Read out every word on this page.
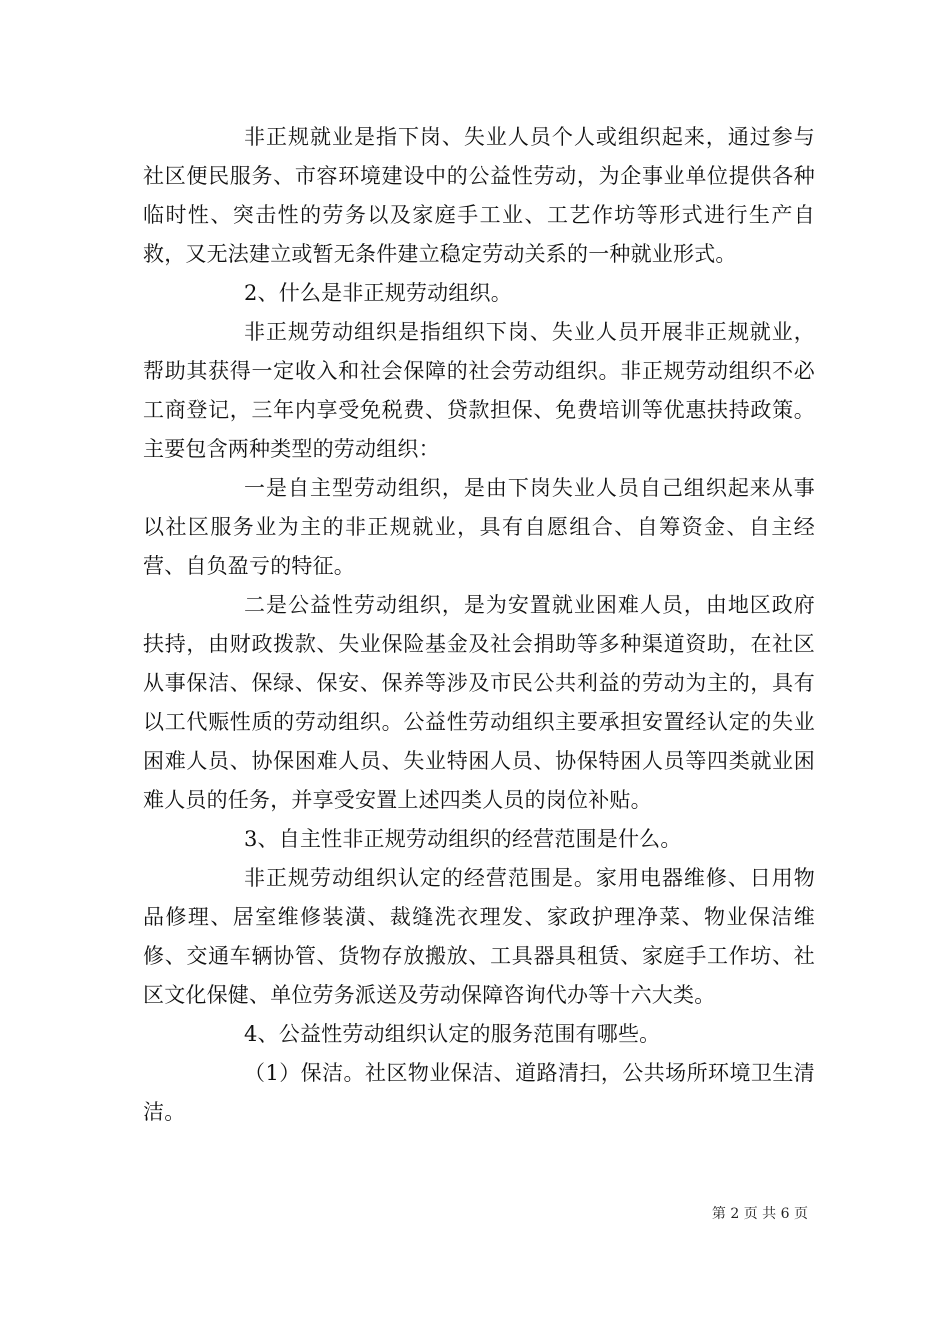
非正规就业是指下岗、失业人员个人或组织起来，通过参与社区便民服务、市容环境建设中的公益性劳动，为企事业单位提供各种临时性、突击性的劳务以及家庭手工业、工艺作坊等形式进行生产自救，又无法建立或暂无条件建立稳定劳动关系的一种就业形式。

2、什么是非正规劳动组织。

非正规劳动组织是指组织下岗、失业人员开展非正规就业，帮助其获得一定收入和社会保障的社会劳动组织。非正规劳动组织不必工商登记，三年内享受免税费、贷款担保、免费培训等优惠扶持政策。主要包含两种类型的劳动组织：

一是自主型劳动组织，是由下岗失业人员自己组织起来从事以社区服务业为主的非正规就业，具有自愿组合、自筹资金、自主经营、自负盈亏的特征。

二是公益性劳动组织，是为安置就业困难人员，由地区政府扶持，由财政拨款、失业保险基金及社会捐助等多种渠道资助，在社区从事保洁、保绿、保安、保养等涉及市民公共利益的劳动为主的，具有以工代赈性质的劳动组织。公益性劳动组织主要承担安置经认定的失业困难人员、协保困难人员、失业特困人员、协保特困人员等四类就业困难人员的任务，并享受安置上述四类人员的岗位补贴。

3、自主性非正规劳动组织的经营范围是什么。

非正规劳动组织认定的经营范围是。家用电器维修、日用物品修理、居室维修装潢、裁缝洗衣理发、家政护理净菜、物业保洁维修、交通车辆协管、货物存放搬放、工具器具租赁、家庭手工作坊、社区文化保健、单位劳务派送及劳动保障咨询代办等十六大类。

4、公益性劳动组织认定的服务范围有哪些。

（1）保洁。社区物业保洁、道路清扫，公共场所环境卫生清洁。

第 2 页 共 6 页
